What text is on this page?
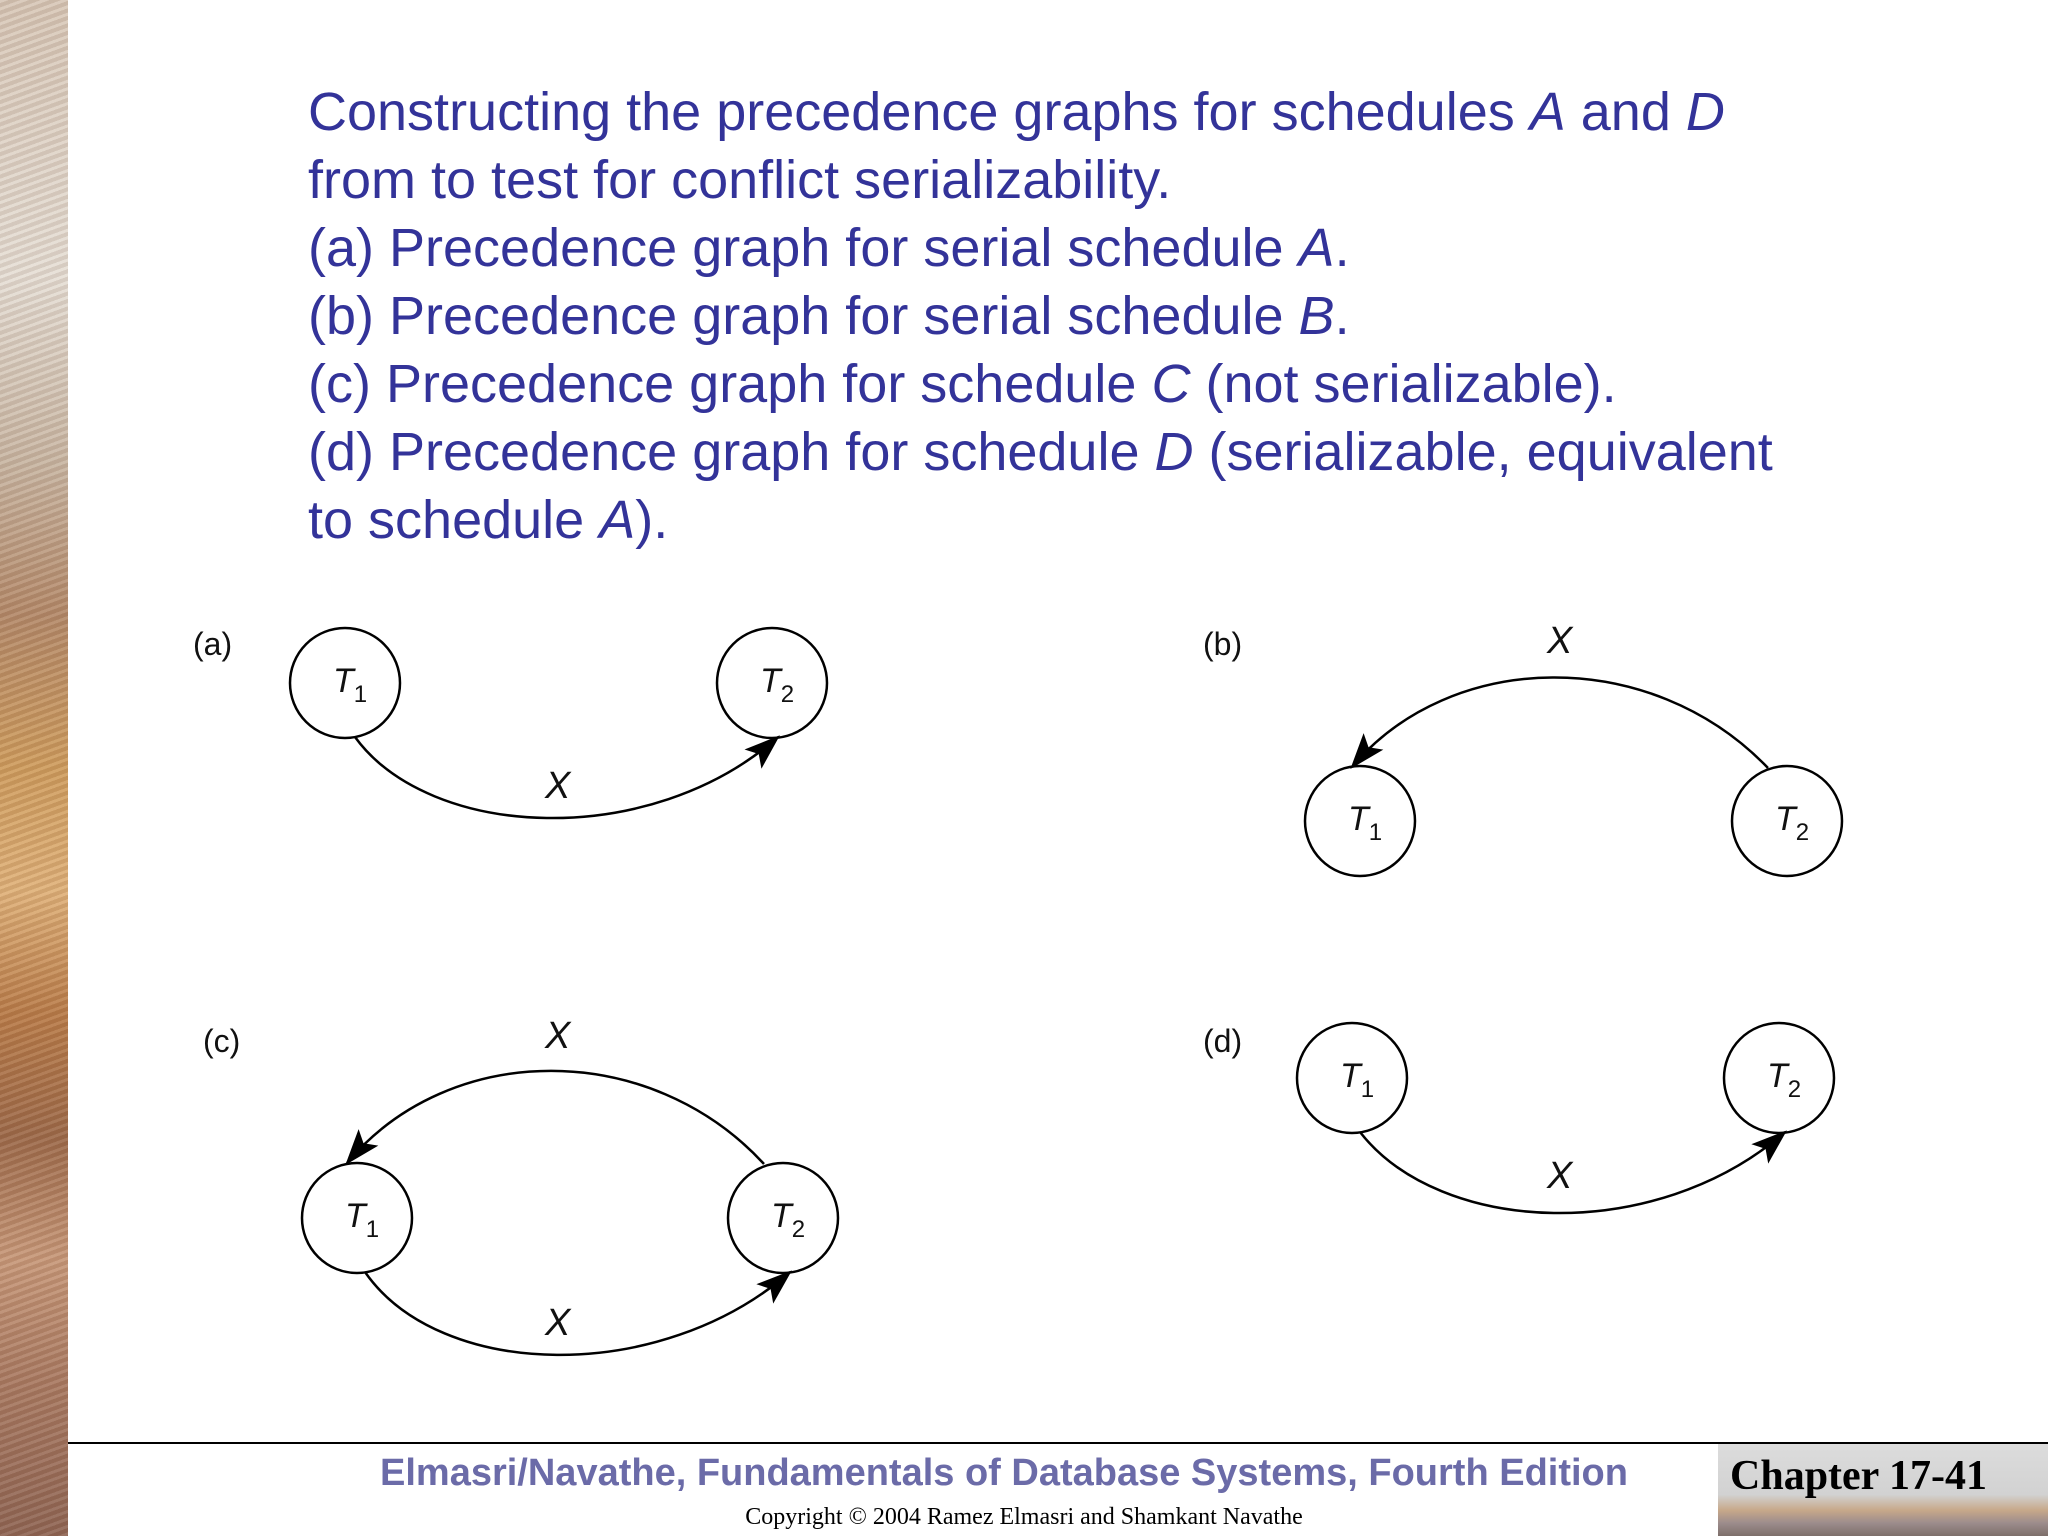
Constructing the precedence graphs for schedules A and D
from to test for conflict serializability.
(a) Precedence graph for serial schedule A.
(b) Precedence graph for serial schedule B.
(c) Precedence graph for schedule C (not serializable).
(d) Precedence graph for schedule D (serializable, equivalent
to schedule A).
(a)
$T_1$	$T_2$
X
(b)
$T_1$	$T_2$
X
(c)
$T_1$	$T_2$
X
X
(d)
$T_1$	$T_2$
X
Elmasri/Navathe, Fundamentals of Database Systems, Fourth Edition Chapter 17-41
Copyright © 2004 Ramez Elmasri and Shamkant Navathe
